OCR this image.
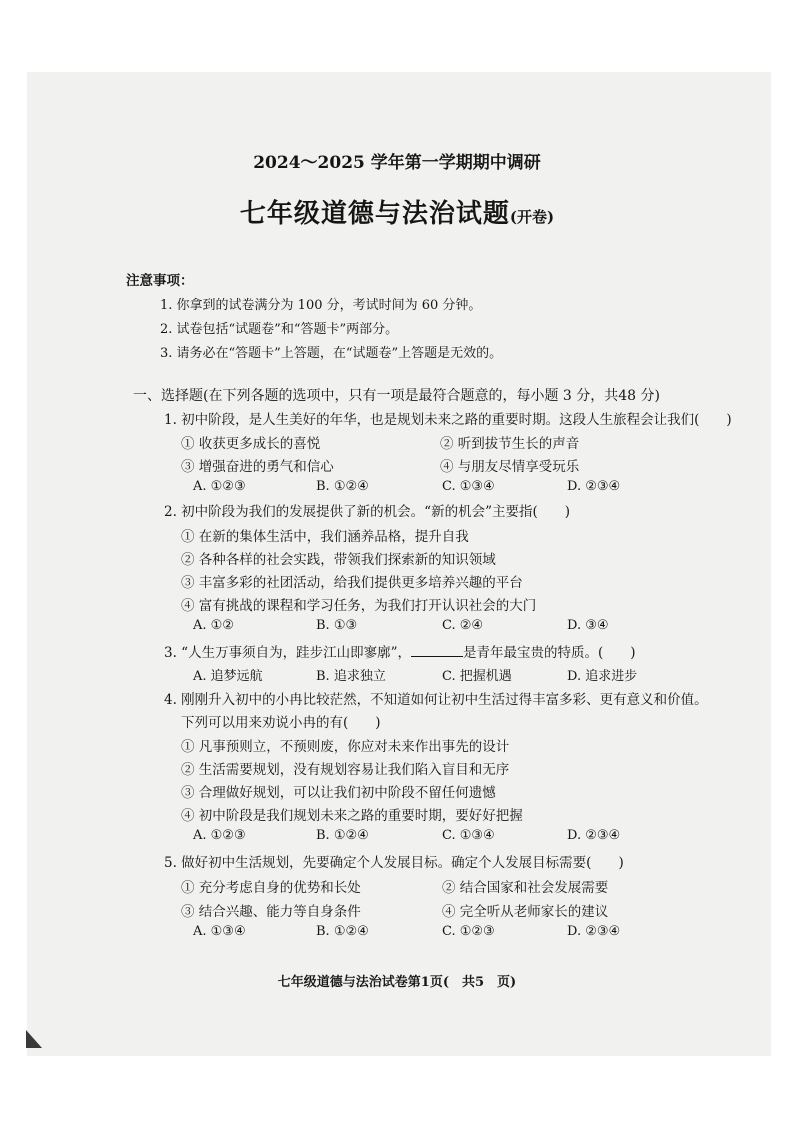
2024～2025 学年第一学期期中调研
七年级道德与法治试题(开卷)
注意事项：
1. 你拿到的试卷满分为 100 分，考试时间为 60 分钟。
2. 试卷包括“试题卷”和“答题卡”两部分。
3. 请务必在“答题卡”上答题，在“试题卷”上答题是无效的。
一、选择题(在下列各题的选项中，只有一项是最符合题意的，每小题 3 分，共48 分)
1. 初中阶段，是人生美好的年华，也是规划未来之路的重要时期。这段人生旅程会让我们(　　)
① 收获更多成长的喜悦	② 听到拔节生长的声音
③ 增强奋进的勇气和信心	④ 与朋友尽情享受玩乐
A. ①②③	B. ①②④	C. ①③④	D. ②③④
2. 初中阶段为我们的发展提供了新的机会。“新的机会”主要指(　　)
① 在新的集体生活中，我们涵养品格，提升自我
② 各种各样的社会实践，带领我们探索新的知识领域
③ 丰富多彩的社团活动，给我们提供更多培养兴趣的平台
④ 富有挑战的课程和学习任务，为我们打开认识社会的大门
A. ①②	B. ①③	C. ②④	D. ③④
3. “人生万事须自为，跬步江山即寥廓”，	是青年最宝贵的特质。(　　)
A. 追梦远航	B. 追求独立	C. 把握机遇	D. 追求进步
4. 刚刚升入初中的小冉比较茫然，不知道如何让初中生活过得丰富多彩、更有意义和价值。
下列可以用来劝说小冉的有(　　)
① 凡事预则立，不预则废，你应对未来作出事先的设计
② 生活需要规划，没有规划容易让我们陷入盲目和无序
③ 合理做好规划，可以让我们初中阶段不留任何遗憾
④ 初中阶段是我们规划未来之路的重要时期，要好好把握
A. ①②③	B. ①②④	C. ①③④	D. ②③④
5. 做好初中生活规划，先要确定个人发展目标。确定个人发展目标需要(　　)
① 充分考虑自身的优势和长处	② 结合国家和社会发展需要
③ 结合兴趣、能力等自身条件	④ 完全听从老师家长的建议
A. ①③④	B. ①②④	C. ①②③	D. ②③④
七年级道德与法治试卷第1页(　共5　页)
